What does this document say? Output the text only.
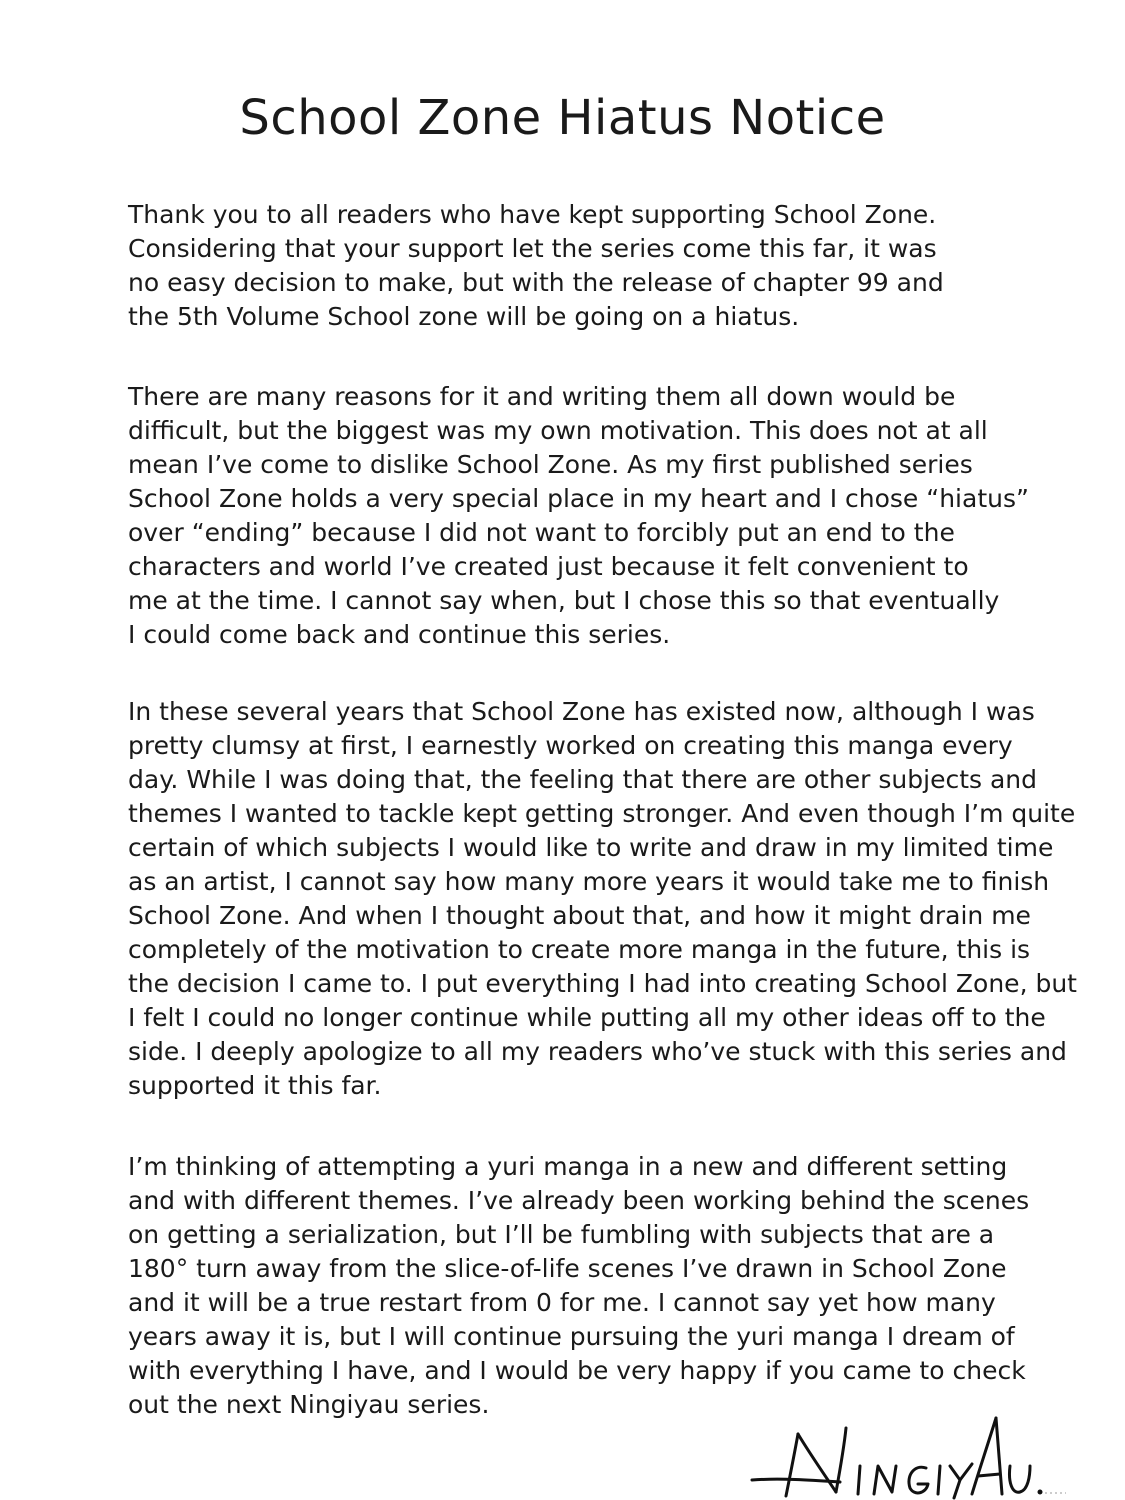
School Zone Hiatus Notice

Thank you to all readers who have kept supporting School Zone.
Considering that your support let the series come this far, it was
no easy decision to make, but with the release of chapter 99 and
the 5th Volume School zone will be going on a hiatus.

There are many reasons for it and writing them all down would be
difficult, but the biggest was my own motivation. This does not at all
mean I’ve come to dislike School Zone. As my first published series
School Zone holds a very special place in my heart and I chose “hiatus”
over “ending” because I did not want to forcibly put an end to the
characters and world I’ve created just because it felt convenient to
me at the time. I cannot say when, but I chose this so that eventually
I could come back and continue this series.

In these several years that School Zone has existed now, although I was
pretty clumsy at first, I earnestly worked on creating this manga every
day. While I was doing that, the feeling that there are other subjects and
themes I wanted to tackle kept getting stronger. And even though I’m quite
certain of which subjects I would like to write and draw in my limited time
as an artist, I cannot say how many more years it would take me to finish
School Zone. And when I thought about that, and how it might drain me
completely of the motivation to create more manga in the future, this is
the decision I came to. I put everything I had into creating School Zone, but
I felt I could no longer continue while putting all my other ideas off to the
side. I deeply apologize to all my readers who’ve stuck with this series and
supported it this far.

I’m thinking of attempting a yuri manga in a new and different setting
and with different themes. I’ve already been working behind the scenes
on getting a serialization, but I’ll be fumbling with subjects that are a
180° turn away from the slice-of-life scenes I’ve drawn in School Zone
and it will be a true restart from 0 for me. I cannot say yet how many
years away it is, but I will continue pursuing the yuri manga I dream of
with everything I have, and I would be very happy if you came to check
out the next Ningiyau series.
